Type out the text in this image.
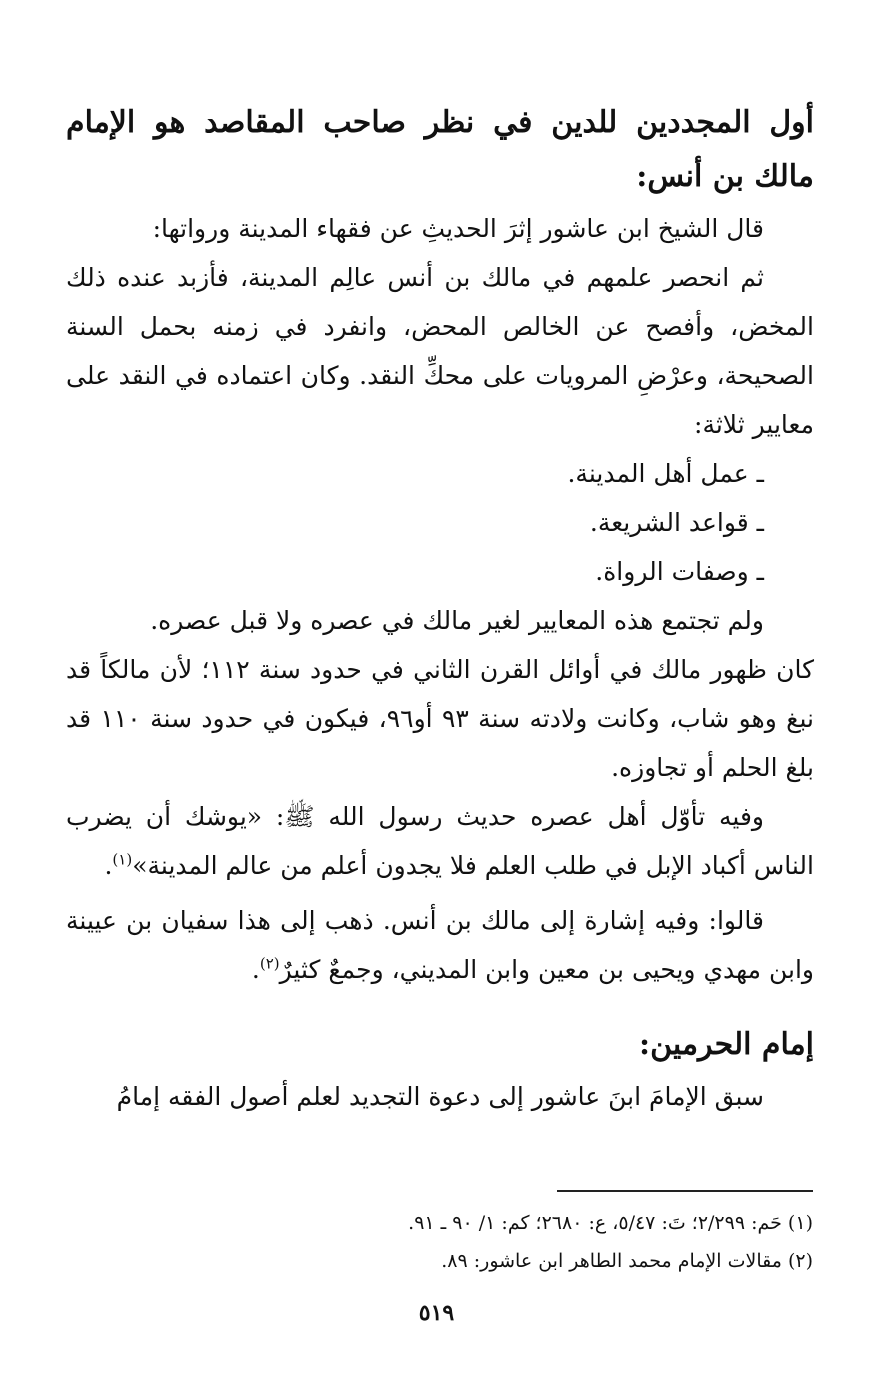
أول المجددين للدين في نظر صاحب المقاصد هو الإمام مالك بن أنس:

قال الشيخ ابن عاشور إثرَ الحديثِ عن فقهاء المدينة ورواتها:

ثم انحصر علمهم في مالك بن أنس عالِم المدينة، فأزبد عنده ذلك المخض، وأفصح عن الخالص المحض، وانفرد في زمنه بحمل السنة الصحيحة، وعرْضِ المرويات على محكِّ النقد. وكان اعتماده في النقد على معايير ثلاثة:

ـ عمل أهل المدينة.

ـ قواعد الشريعة.

ـ وصفات الرواة.

ولم تجتمع هذه المعايير لغير مالك في عصره ولا قبل عصره.

كان ظهور مالك في أوائل القرن الثاني في حدود سنة ١١٢؛ لأن مالكاً قد نبغ وهو شاب، وكانت ولادته سنة ٩٣ أو٩٦، فيكون في حدود سنة ١١٠ قد بلغ الحلم أو تجاوزه.

وفيه تأوّل أهل عصره حديث رسول الله ﷺ: «يوشك أن يضرب الناس أكباد الإبل في طلب العلم فلا يجدون أعلم من عالم المدينة»$^{(١)}$.

قالوا: وفيه إشارة إلى مالك بن أنس. ذهب إلى هذا سفيان بن عيينة وابن مهدي ويحيى بن معين وابن المديني، وجمعٌ كثيرٌ$^{(٢)}$.

إمام الحرمين:

سبق الإمامَ ابنَ عاشور إلى دعوة التجديد لعلم أصول الفقه إمامُ

(١) حَم: ٢/٢٩٩؛ تَ: ٥/٤٧، ع: ٢٦٨٠؛ كم: ١/ ٩٠ ـ ٩١.

(٢) مقالات الإمام محمد الطاهر ابن عاشور: ٨٩.

٥١٩
